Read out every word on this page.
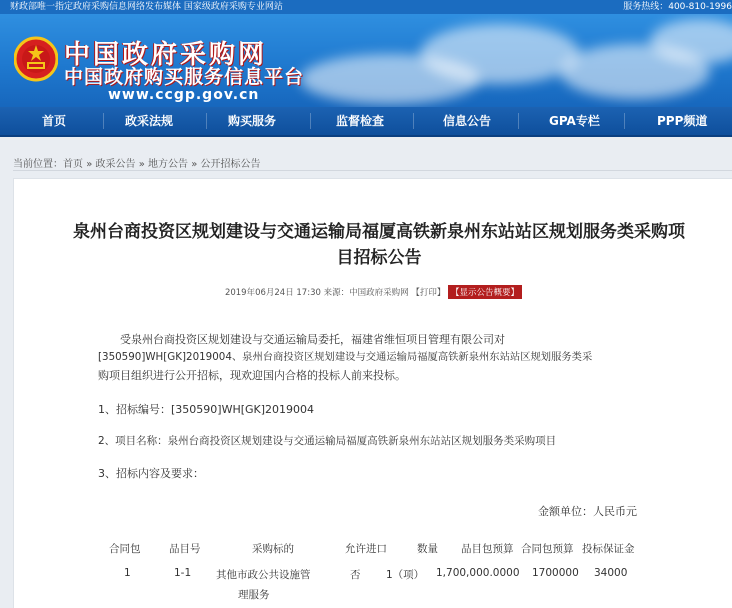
财政部唯一指定政府采购信息网络发布媒体 国家级政府采购专业网站	服务热线：400-810-1996
中国政府采购网
中国政府购买服务信息平台
www.ccgp.gov.cn
首页	政采法规	购买服务	监督检查	信息公告	GPA专栏	PPP频道
当前位置：首页 » 政采公告 » 地方公告 » 公开招标公告
泉州台商投资区规划建设与交通运输局福厦高铁新泉州东站站区规划服务类采购项
目招标公告
2019年06月24日 17:30 来源：中国政府采购网 【打印】 【显示公告概要】
受泉州台商投资区规划建设与交通运输局委托，福建省维恒项目管理有限公司对
[350590]WH[GK]2019004、泉州台商投资区规划建设与交通运输局福厦高铁新泉州东站站区规划服务类采
购项目组织进行公开招标，现欢迎国内合格的投标人前来投标。
1、招标编号：[350590]WH[GK]2019004
2、项目名称：泉州台商投资区规划建设与交通运输局福厦高铁新泉州东站站区规划服务类采购项目
3、招标内容及要求：
金额单位：人民币元
合同包	品目号	采购标的	允许进口	数量 品目包预算 合同包预算 投标保证金
1	1-1 其他市政公共设施管	否 1（项） 1,700,000.0000 1700000 34000
理服务
